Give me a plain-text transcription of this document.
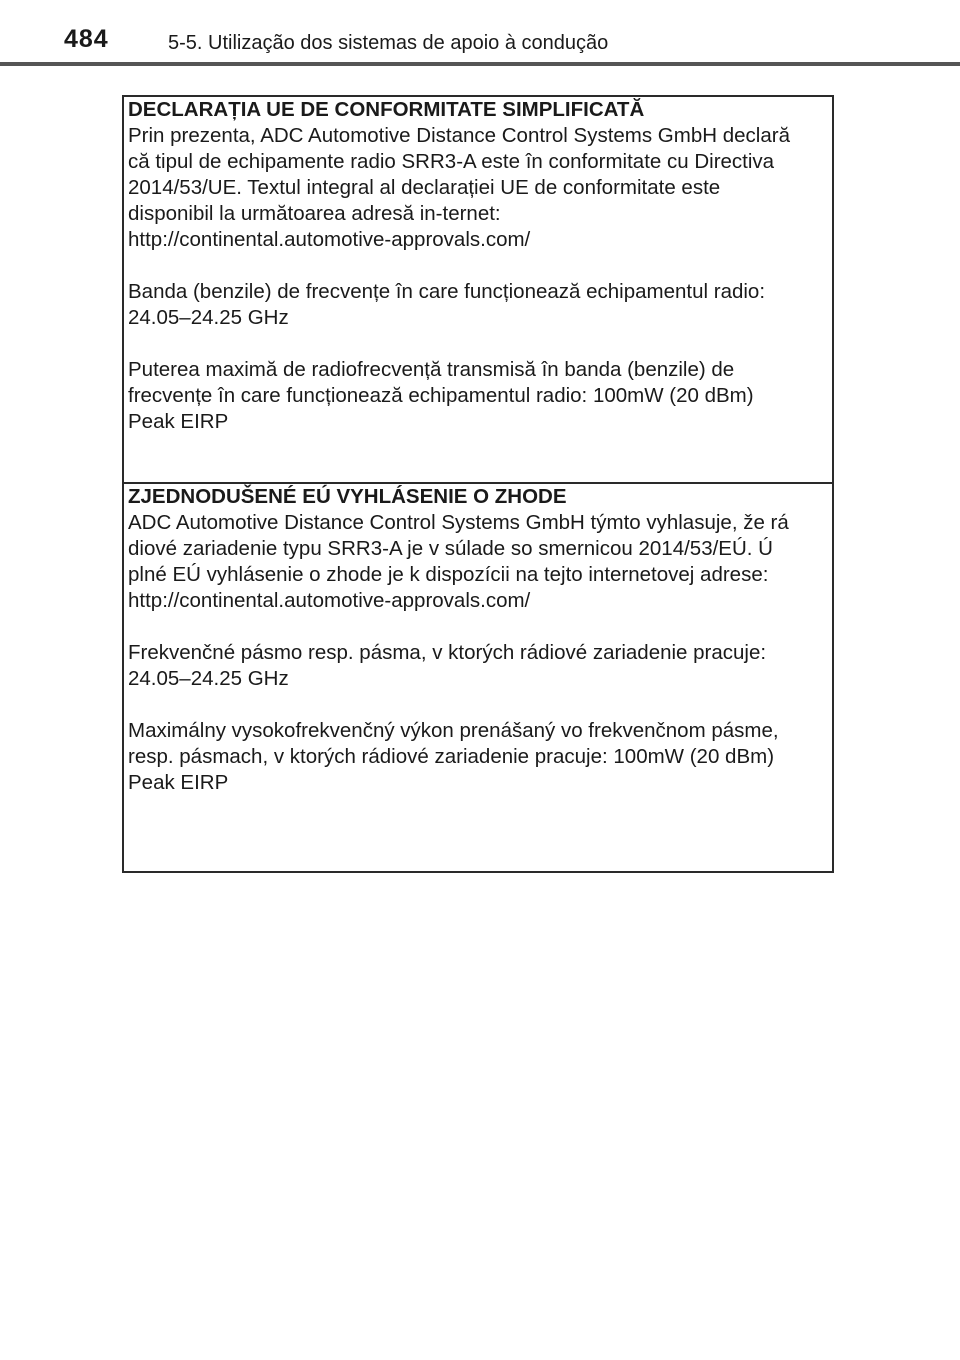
484	5-5. Utilização dos sistemas de apoio à condução

DECLARAȚIA UE DE CONFORMITATE SIMPLIFICATĂ

Prin prezenta, ADC Automotive Distance Control Systems GmbH declară

că tipul de echipamente radio SRR3-A este în conformitate cu Directiva

2014/53/UE. Textul integral al declarației UE de conformitate este

disponibil la următoarea adresă in-ternet:

http://continental.automotive-approvals.com/

Banda (benzile) de frecvențe în care funcționează echipamentul radio:

24.05–24.25 GHz

Puterea maximă de radiofrecvență transmisă în banda (benzile) de

frecvențe în care funcționează echipamentul radio: 100mW (20 dBm)

Peak EIRP

ZJEDNODUŠENÉ EÚ VYHLÁSENIE O ZHODE

ADC Automotive Distance Control Systems GmbH týmto vyhlasuje, že rá

diové zariadenie typu SRR3-A je v súlade so smernicou 2014/53/EÚ. Ú

plné EÚ vyhlásenie o zhode je k dispozícii na tejto internetovej adrese:

http://continental.automotive-approvals.com/

Frekvenčné pásmo resp. pásma, v ktorých rádiové zariadenie pracuje:

24.05–24.25 GHz

Maximálny vysokofrekvenčný výkon prenášaný vo frekvenčnom pásme,

resp. pásmach, v ktorých rádiové zariadenie pracuje: 100mW (20 dBm)

Peak EIRP
